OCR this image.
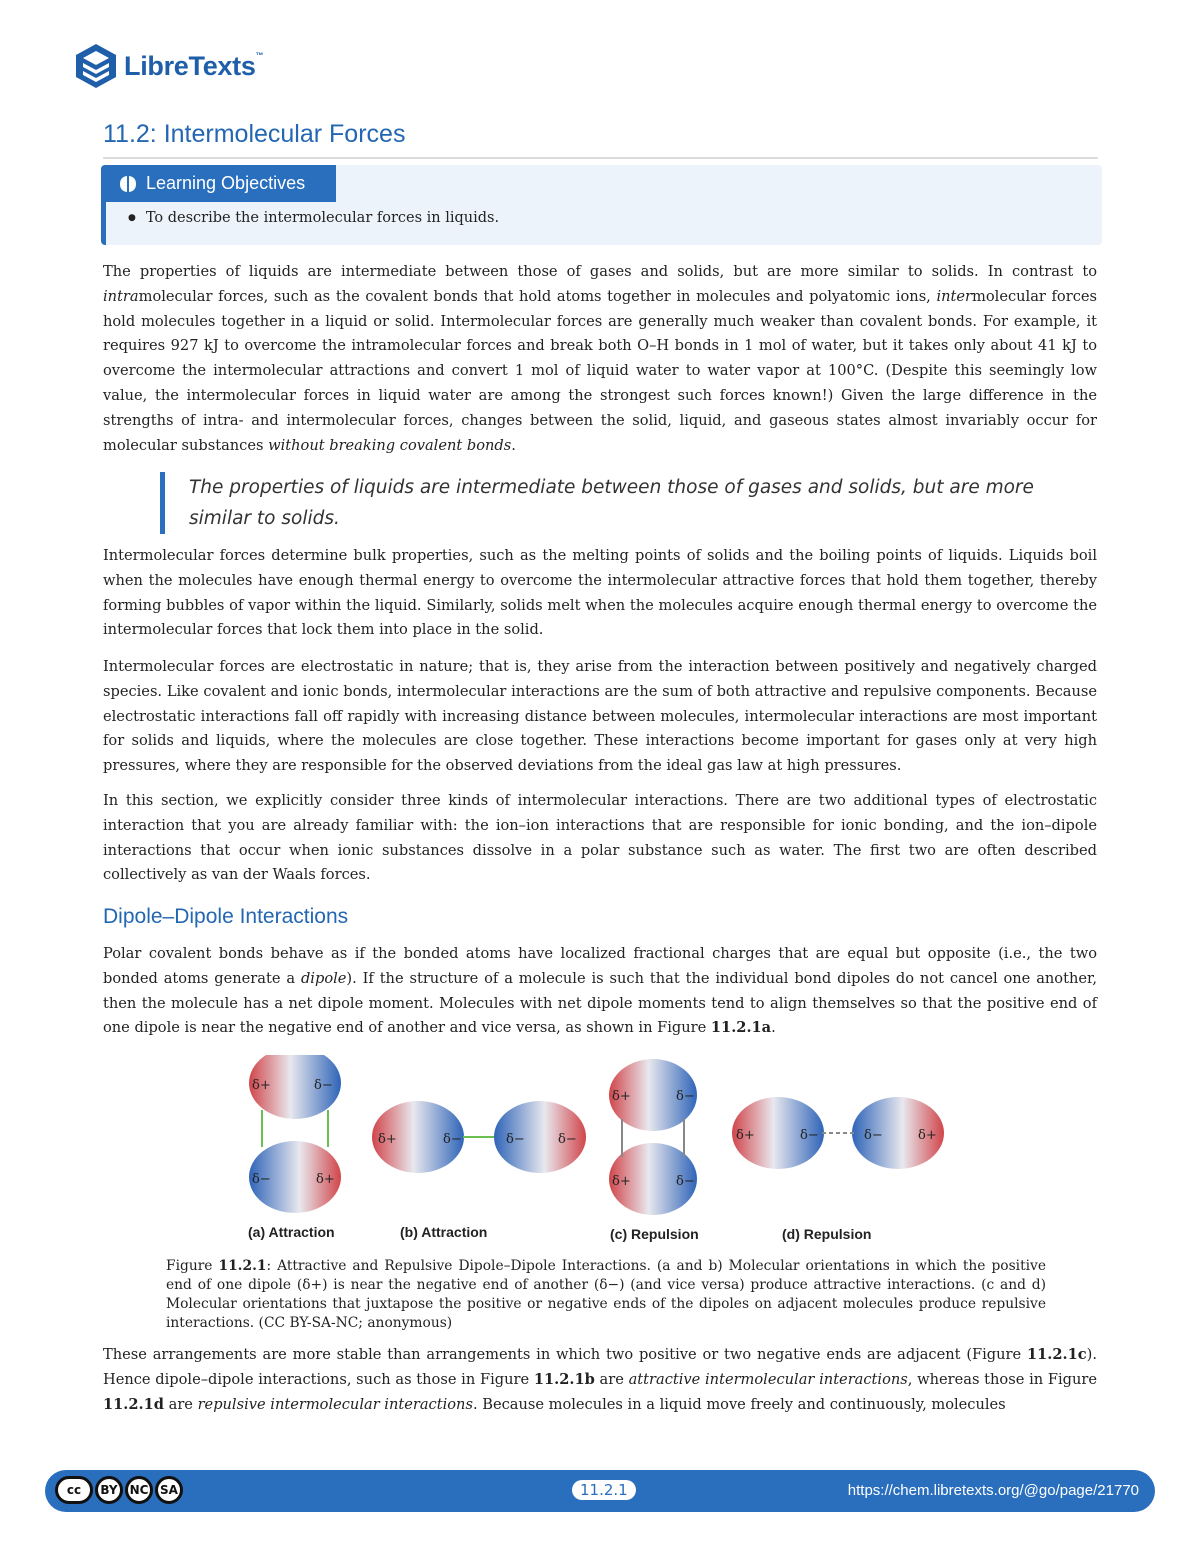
LibreTexts™
11.2: Intermolecular Forces
Learning Objectives
● To describe the intermolecular forces in liquids.

The properties of liquids are intermediate between those of gases and solids, but are more similar to solids. In contrast to intramolecular forces, such as the covalent bonds that hold atoms together in molecules and polyatomic ions, intermolecular forces hold molecules together in a liquid or solid. Intermolecular forces are generally much weaker than covalent bonds. For example, it requires 927 kJ to overcome the intramolecular forces and break both O–H bonds in 1 mol of water, but it takes only about 41 kJ to overcome the intermolecular attractions and convert 1 mol of liquid water to water vapor at 100°C. (Despite this seemingly low value, the intermolecular forces in liquid water are among the strongest such forces known!) Given the large difference in the strengths of intra- and intermolecular forces, changes between the solid, liquid, and gaseous states almost invariably occur for molecular substances without breaking covalent bonds.

The properties of liquids are intermediate between those of gases and solids, but are more similar to solids.

Intermolecular forces determine bulk properties, such as the melting points of solids and the boiling points of liquids. Liquids boil when the molecules have enough thermal energy to overcome the intermolecular attractive forces that hold them together, thereby forming bubbles of vapor within the liquid. Similarly, solids melt when the molecules acquire enough thermal energy to overcome the intermolecular forces that lock them into place in the solid.

Intermolecular forces are electrostatic in nature; that is, they arise from the interaction between positively and negatively charged species. Like covalent and ionic bonds, intermolecular interactions are the sum of both attractive and repulsive components. Because electrostatic interactions fall off rapidly with increasing distance between molecules, intermolecular interactions are most important for solids and liquids, where the molecules are close together. These interactions become important for gases only at very high pressures, where they are responsible for the observed deviations from the ideal gas law at high pressures.

In this section, we explicitly consider three kinds of intermolecular interactions. There are two additional types of electrostatic interaction that you are already familiar with: the ion–ion interactions that are responsible for ionic bonding, and the ion–dipole interactions that occur when ionic substances dissolve in a polar substance such as water. The first two are often described collectively as van der Waals forces.

Dipole–Dipole Interactions

Polar covalent bonds behave as if the bonded atoms have localized fractional charges that are equal but opposite (i.e., the two bonded atoms generate a dipole). If the structure of a molecule is such that the individual bond dipoles do not cancel one another, then the molecule has a net dipole moment. Molecules with net dipole moments tend to align themselves so that the positive end of one dipole is near the negative end of another and vice versa, as shown in Figure 11.2.1a.

δ+	δ−
δ−	δ+
δ+	δ−	δ−	δ−
δ+	δ−
δ+	δ−
δ+	δ−	δ−	δ+
(a) Attraction	(b) Attraction	(c) Repulsion	(d) Repulsion

Figure 11.2.1: Attractive and Repulsive Dipole–Dipole Interactions. (a and b) Molecular orientations in which the positive end of one dipole (δ+) is near the negative end of another (δ−) (and vice versa) produce attractive interactions. (c and d) Molecular orientations that juxtapose the positive or negative ends of the dipoles on adjacent molecules produce repulsive interactions. (CC BY-SA-NC; anonymous)

These arrangements are more stable than arrangements in which two positive or two negative ends are adjacent (Figure 11.2.1c). Hence dipole–dipole interactions, such as those in Figure 11.2.1b are attractive intermolecular interactions, whereas those in Figure 11.2.1d are repulsive intermolecular interactions. Because molecules in a liquid move freely and continuously, molecules

cc	BY NC SA	11.2.1	https://chem.libretexts.org/@go/page/21770
